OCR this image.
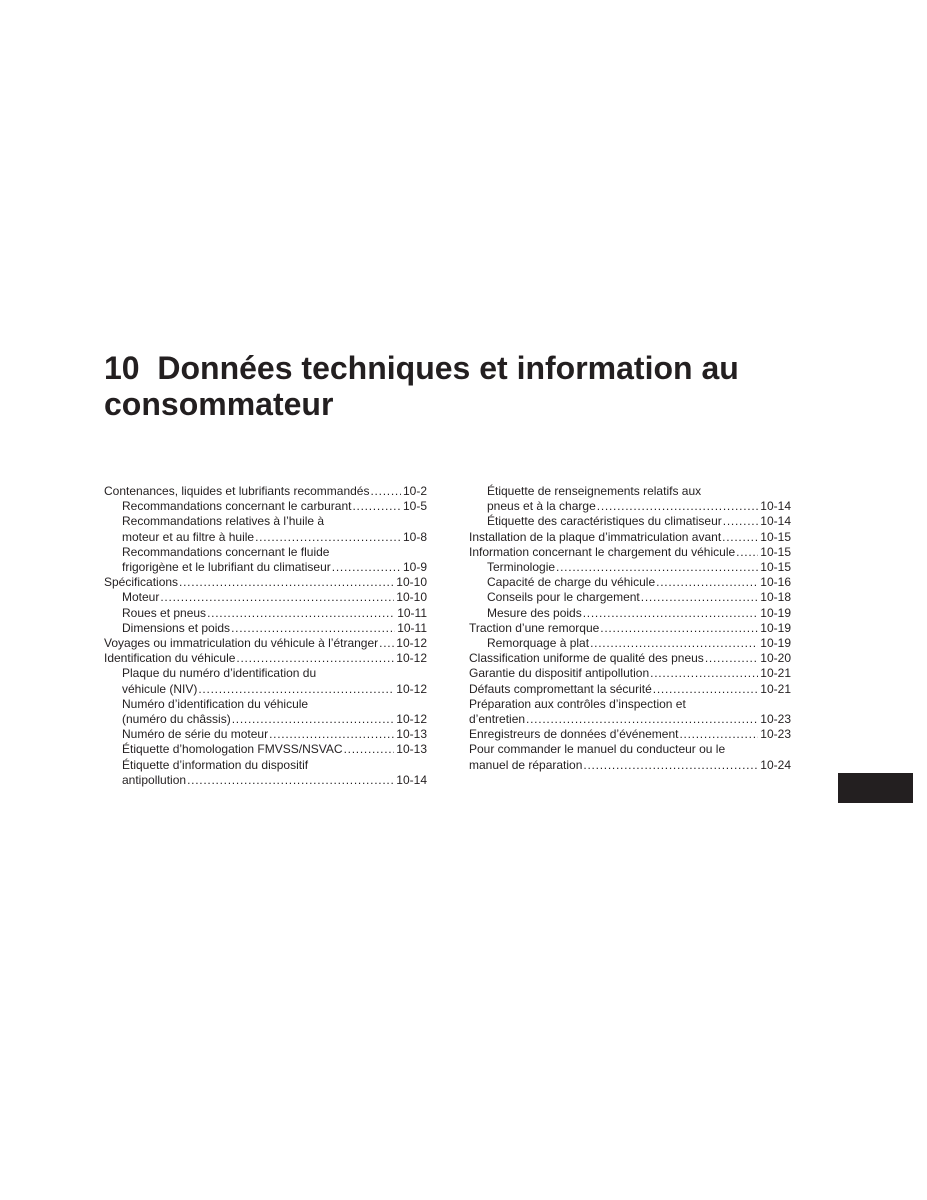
10  Données techniques et information au
consommateur
Contenances, liquides et lubrifiants recommandés . . .	10-2
Recommandations concernant le carburant . . .	10-5
Recommandations relatives à l’huile à
moteur et au filtre à huile . . .	10-8
Recommandations concernant le fluide
frigorigène et le lubrifiant du climatiseur . . .	10-9
Spécifications . . .	10-10
Moteur . . .	10-10
Roues et pneus . . .	10-11
Dimensions et poids . . .	10-11
Voyages ou immatriculation du véhicule à l’étranger . . . 10-12
Identification du véhicule . . .	10-12
Plaque du numéro d’identification du
véhicule (NIV) . . .	10-12
Numéro d’identification du véhicule
(numéro du châssis) . . .	10-12
Numéro de série du moteur . . .	10-13
Étiquette d’homologation FMVSS/NSVAC . . .	10-13
Étiquette d’information du dispositif
antipollution . . .	10-14
Étiquette de renseignements relatifs aux
pneus et à la charge . . .	10-14
Étiquette des caractéristiques du climatiseur . . .	10-14
Installation de la plaque d’immatriculation avant . . .	10-15
Information concernant le chargement du véhicule . . . 10-15
Terminologie . . .	10-15
Capacité de charge du véhicule . . .	10-16
Conseils pour le chargement . . .	10-18
Mesure des poids . . .	10-19
Traction d’une remorque . . .	10-19
Remorquage à plat . . .	10-19
Classification uniforme de qualité des pneus . . .	10-20
Garantie du dispositif antipollution . . .	10-21
Défauts compromettant la sécurité . . .	10-21
Préparation aux contrôles d’inspection et
d’entretien . . .	10-23
Enregistreurs de données d’événement . . .	10-23
Pour commander le manuel du conducteur ou le
manuel de réparation . . .	10-24
